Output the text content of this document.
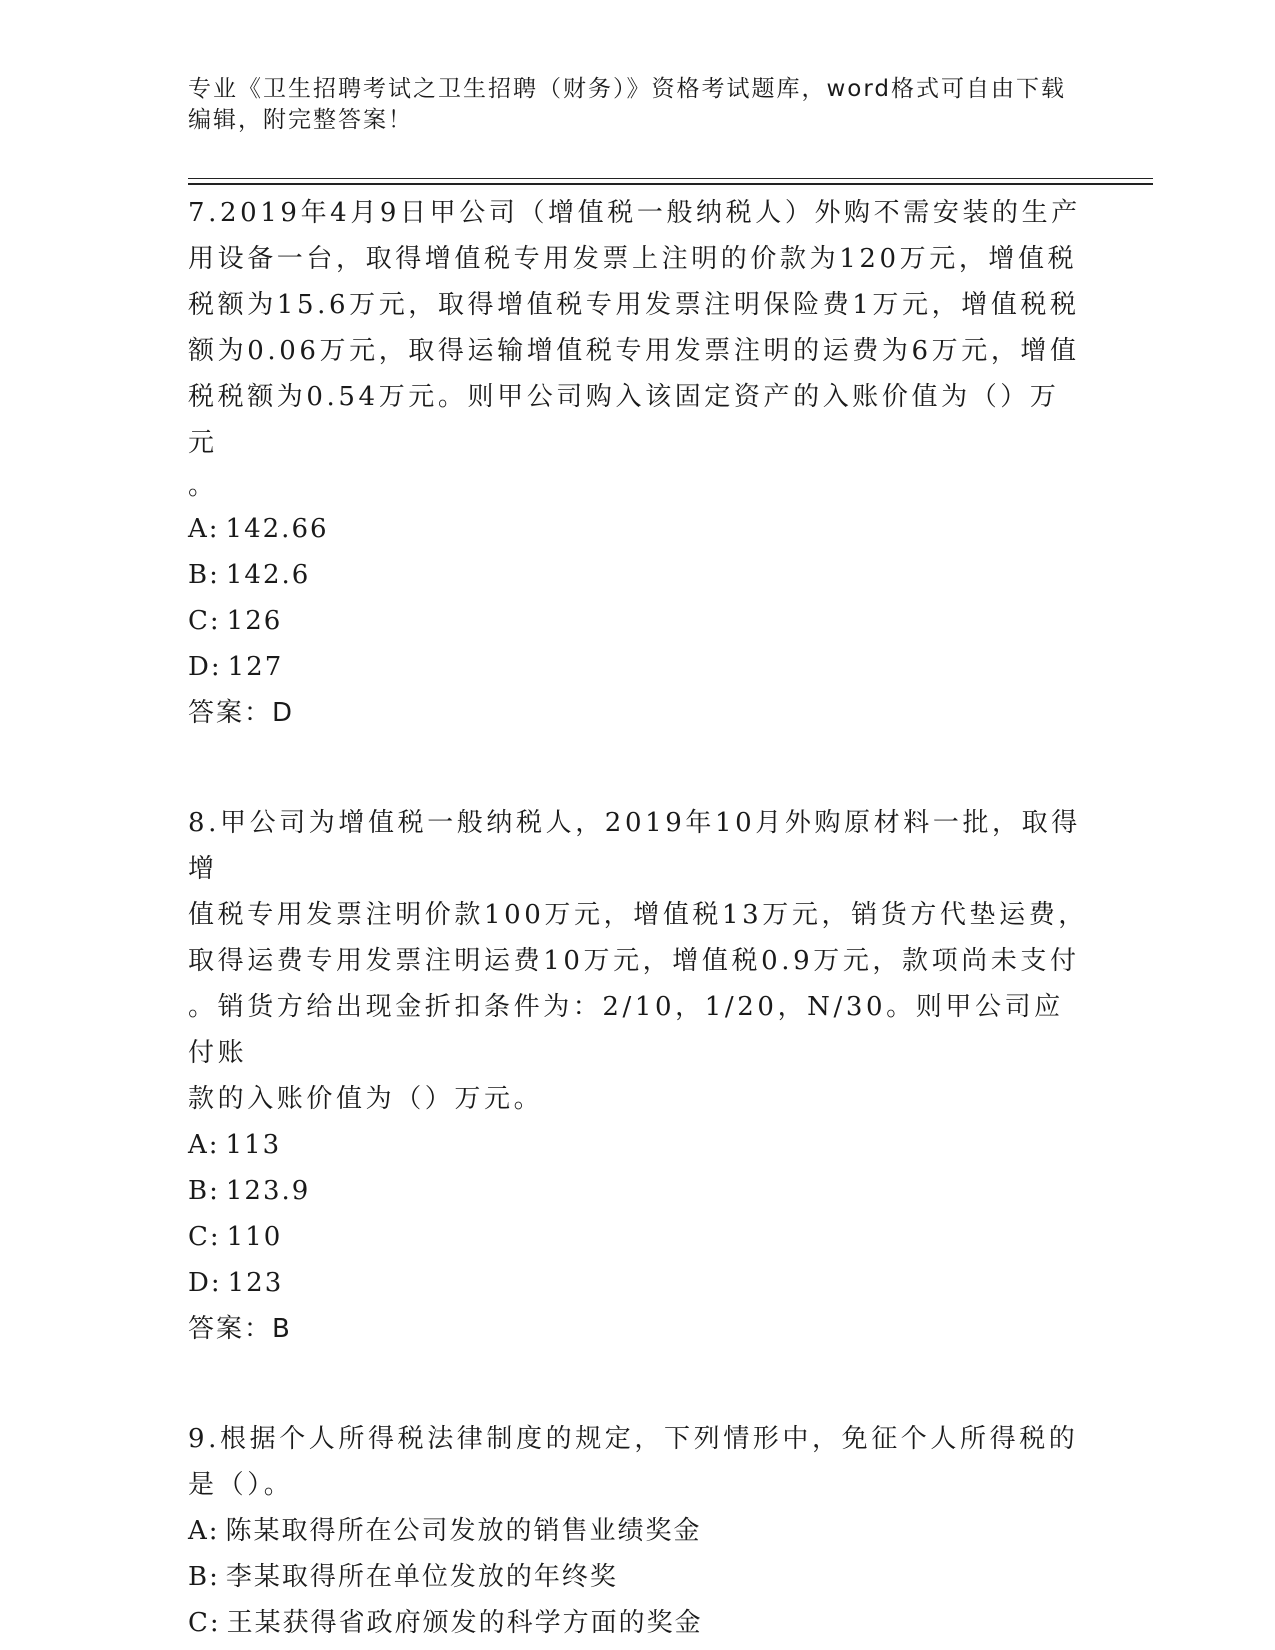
专业《卫生招聘考试之卫生招聘（财务）》资格考试题库，word格式可自由下载
编辑，附完整答案！

7.2019年4月9日甲公司（增值税一般纳税人）外购不需安装的生产

用设备一台，取得增值税专用发票上注明的价款为120万元，增值税

税额为15.6万元，取得增值税专用发票注明保险费1万元，增值税税

额为0.06万元，取得运输增值税专用发票注明的运费为6万元，增值

税税额为0.54万元。则甲公司购入该固定资产的入账价值为（）万元

。

A: 142.66
B: 142.6
C: 126
D: 127

答案：D

8.甲公司为增值税一般纳税人，2019年10月外购原材料一批，取得增

值税专用发票注明价款100万元，增值税13万元，销货方代垫运费，

取得运费专用发票注明运费10万元，增值税0.9万元，款项尚未支付

。销货方给出现金折扣条件为：2/10，1/20，N/30。则甲公司应付账

款的入账价值为（）万元。

A: 113
B: 123.9
C: 110
D: 123

答案：B

9.根据个人所得税法律制度的规定，下列情形中，免征个人所得税的

是（）。

A: 陈某取得所在公司发放的销售业绩奖金
B: 李某取得所在单位发放的年终奖
C: 王某获得省政府颁发的科学方面的奖金
